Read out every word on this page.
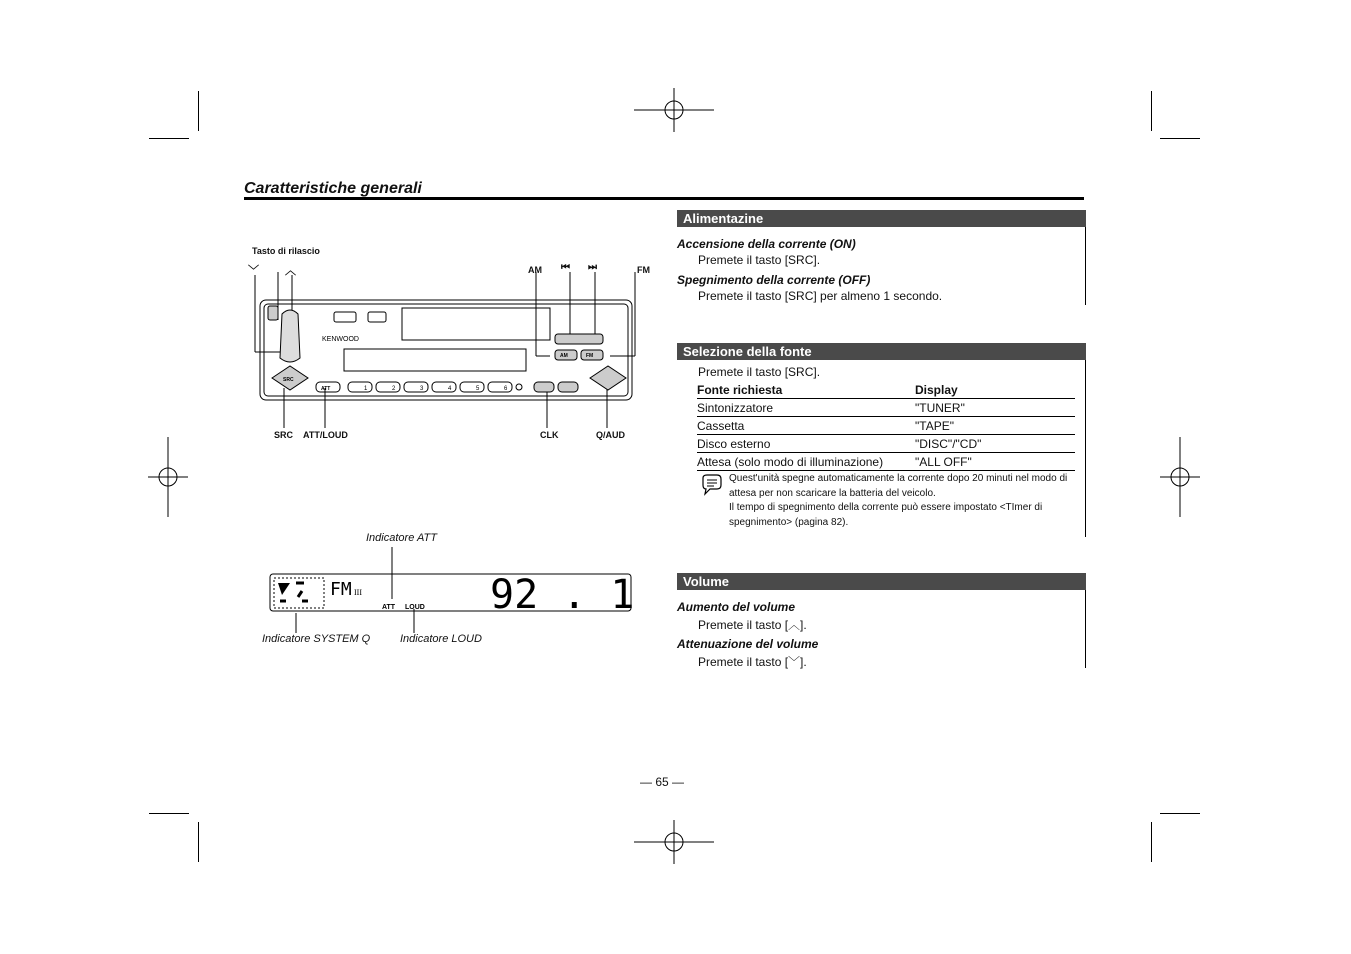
Caratteristiche generali
Tasto di rilascio
﹀ ︿	AM ⏮ ⏭	FM
SRC ATT/LOUD	CLK	Q/AUD
KENWOOD
SRC
ATT
AM	FM
1	2	3	4	5	6
Indicatore ATT
Indicatore SYSTEM Q	Indicatore LOUD
FM III
ATT LOUD 92 . 1
Alimentazine
Accensione della corrente (ON)
Premete il tasto [SRC].
Spegnimento della corrente (OFF)
Premete il tasto [SRC] per almeno 1 secondo.
Selezione della fonte
Premete il tasto [SRC].
Fonte richiesta	Display
Sintonizzatore	"TUNER"
Cassetta	"TAPE"
Disco esterno	"DISC"/"CD"
Attesa (solo modo di illuminazione)	"ALL OFF"
Quest'unità spegne automaticamente la corrente dopo 20 minuti nel modo di attesa per non scaricare la batteria del veicolo.
Il tempo di spegnimento della corrente può essere impostato <TImer di spegnimento> (pagina 82).
Volume
Aumento del volume
Premete il tasto [︿].
Attenuazione del volume
Premete il tasto [﹀].
— 65 —
